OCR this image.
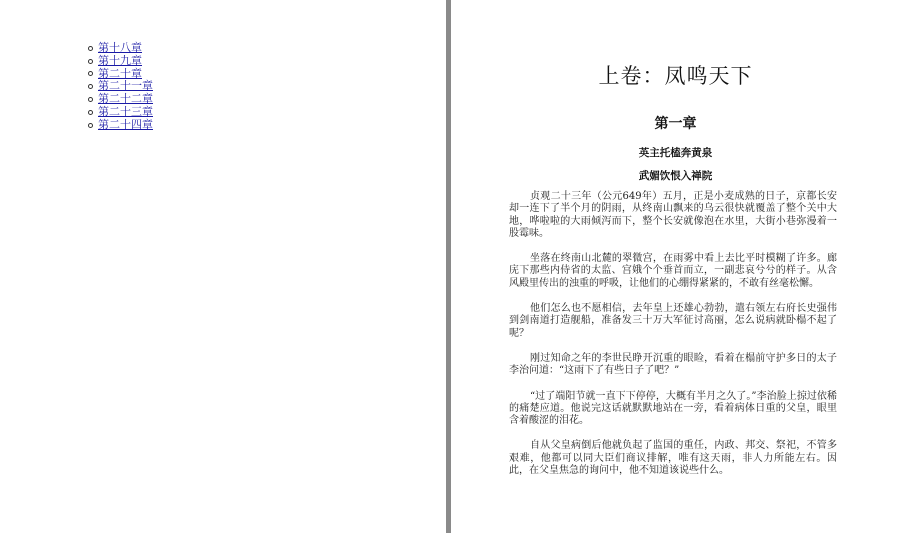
第十八章
第十九章
第二十章
第二十一章
第二十二章
第二十三章
第二十四章
上卷：凤鸣天下
第一章
英主托榼奔黄泉
武媚饮恨入禅院

贞观二十三年（公元649年）五月，正是小麦成熟的日子，京都长安却一连下了半个月的阴雨，从终南山飘来的乌云很快就覆盖了整个关中大地，哗啦啦的大雨倾泻而下，整个长安就像泡在水里，大街小巷弥漫着一股霉味。

坐落在终南山北麓的翠微宫，在雨雾中看上去比平时模糊了许多。廊庑下那些内侍省的太监、宫娥个个垂首而立，一副悲哀兮兮的样子。从含风殿里传出的浊重的呼吸，让他们的心绷得紧紧的，不敢有丝毫松懈。

他们怎么也不愿相信，去年皇上还雄心勃勃，遣右领左右府长史强伟到剑南道打造舰船，准备发三十万大军征讨高丽，怎么说病就卧榻不起了呢？

刚过知命之年的李世民睁开沉重的眼睑，看着在榻前守护多日的太子李治问道：“这雨下了有些日子了吧？”

“过了端阳节就一直下下停停，大概有半月之久了。”李治脸上掠过依稀的痛楚应道。他说完这话就默默地站在一旁，看着病体日重的父皇，眼里含着酸涩的泪花。

自从父皇病倒后他就负起了监国的重任，内政、邦交、祭祀，不管多艰难，他都可以同大臣们商议排解，唯有这天雨，非人力所能左右。因此，在父皇焦急的询问中，他不知道该说些什么。
